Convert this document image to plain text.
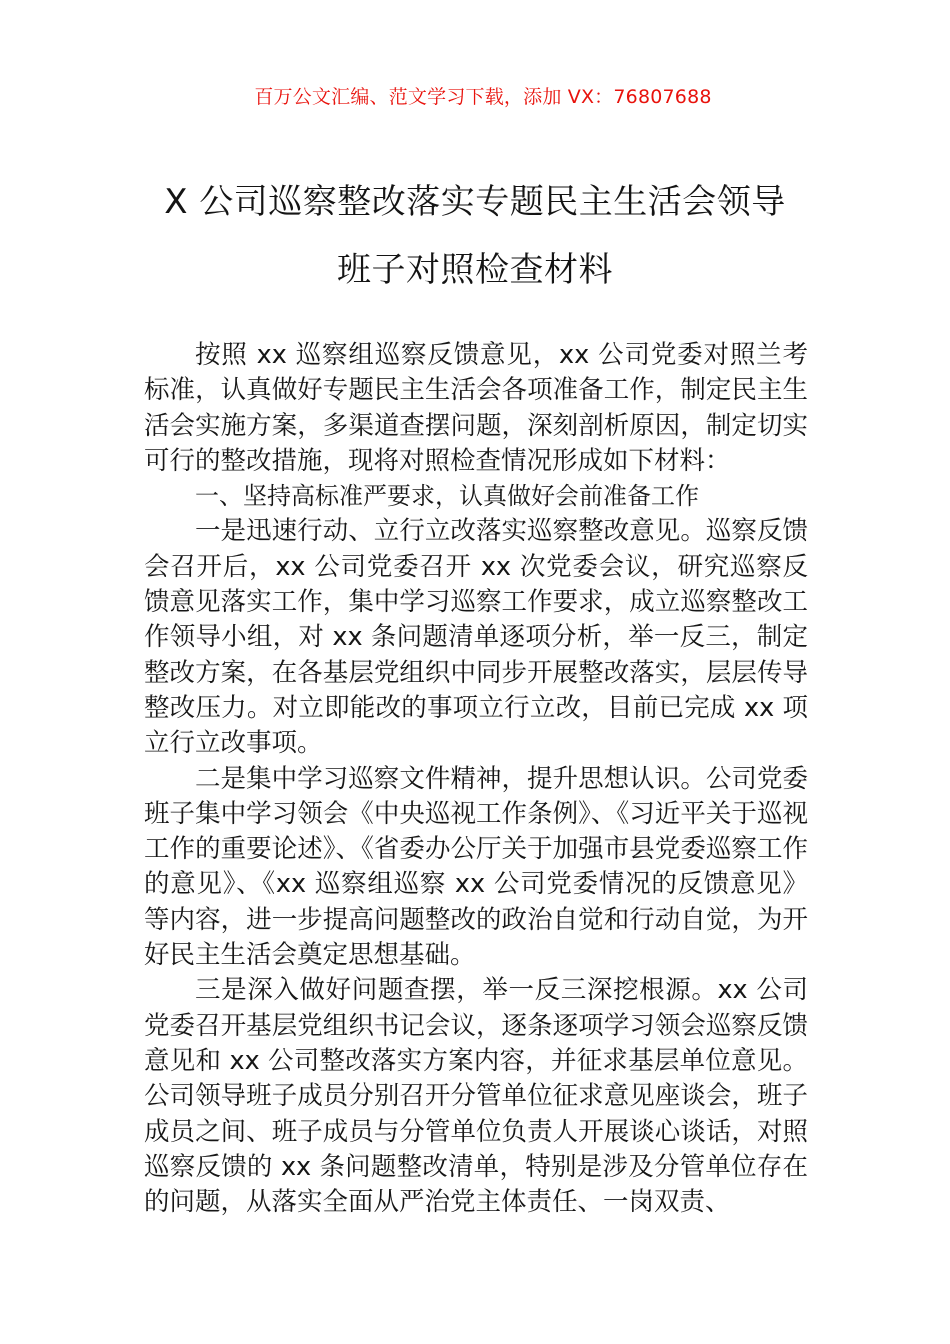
百万公文汇编、范文学习下载，添加 VX：76807688
X 公司巡察整改落实专题民主生活会领导
班子对照检查材料

按照 xx 巡察组巡察反馈意见，xx 公司党委对照兰考标准，认真做好专题民主生活会各项准备工作，制定民主生活会实施方案，多渠道查摆问题，深刻剖析原因，制定切实可行的整改措施，现将对照检查情况形成如下材料：

一、坚持高标准严要求，认真做好会前准备工作

一是迅速行动、立行立改落实巡察整改意见。巡察反馈会召开后，xx 公司党委召开 xx 次党委会议，研究巡察反馈意见落实工作，集中学习巡察工作要求，成立巡察整改工作领导小组，对 xx 条问题清单逐项分析，举一反三，制定整改方案，在各基层党组织中同步开展整改落实，层层传导整改压力。对立即能改的事项立行立改，目前已完成 xx 项立行立改事项。

二是集中学习巡察文件精神，提升思想认识。公司党委班子集中学习领会《中央巡视工作条例》、《习近平关于巡视工作的重要论述》、《省委办公厅关于加强市县党委巡察工作的意见》、《xx 巡察组巡察 xx 公司党委情况的反馈意见》等内容，进一步提高问题整改的政治自觉和行动自觉，为开好民主生活会奠定思想基础。

三是深入做好问题查摆，举一反三深挖根源。xx 公司党委召开基层党组织书记会议，逐条逐项学习领会巡察反馈意见和 xx 公司整改落实方案内容，并征求基层单位意见。公司领导班子成员分别召开分管单位征求意见座谈会，班子成员之间、班子成员与分管单位负责人开展谈心谈话，对照巡察反馈的 xx 条问题整改清单，特别是涉及分管单位存在的问题，从落实全面从严治党主体责任、一岗双责、
